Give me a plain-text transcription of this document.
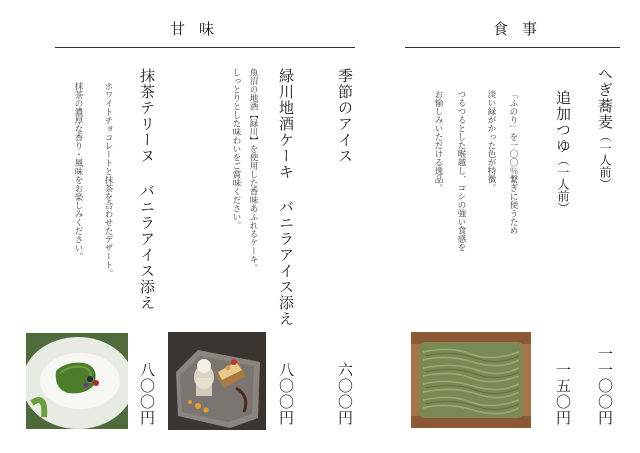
甘味	食事
季節のアイス
六〇〇円
緑川地酒ケーキ バニラアイス添え
魚沼の地酒【緑川】を使用した香味あふれるケーキ。
しっとりとした味わいをご賞味ください。
八〇〇円
抹茶テリーヌ バニラアイス添え
ホワイトチョコレートと抹茶を合わせたデザート。
抹茶の濃厚な香り・風味をお楽しみください。
八〇〇円
へぎ蕎麦（一人前）
一一〇〇円
追加つゆ（一人前）
一五〇円
「ふのり」を一〇〇％繋ぎに使うため
淡い緑がかった色が特徴。
つるつるとした喉越し、コシの強い食感を
お愉しみいただける逸品。
